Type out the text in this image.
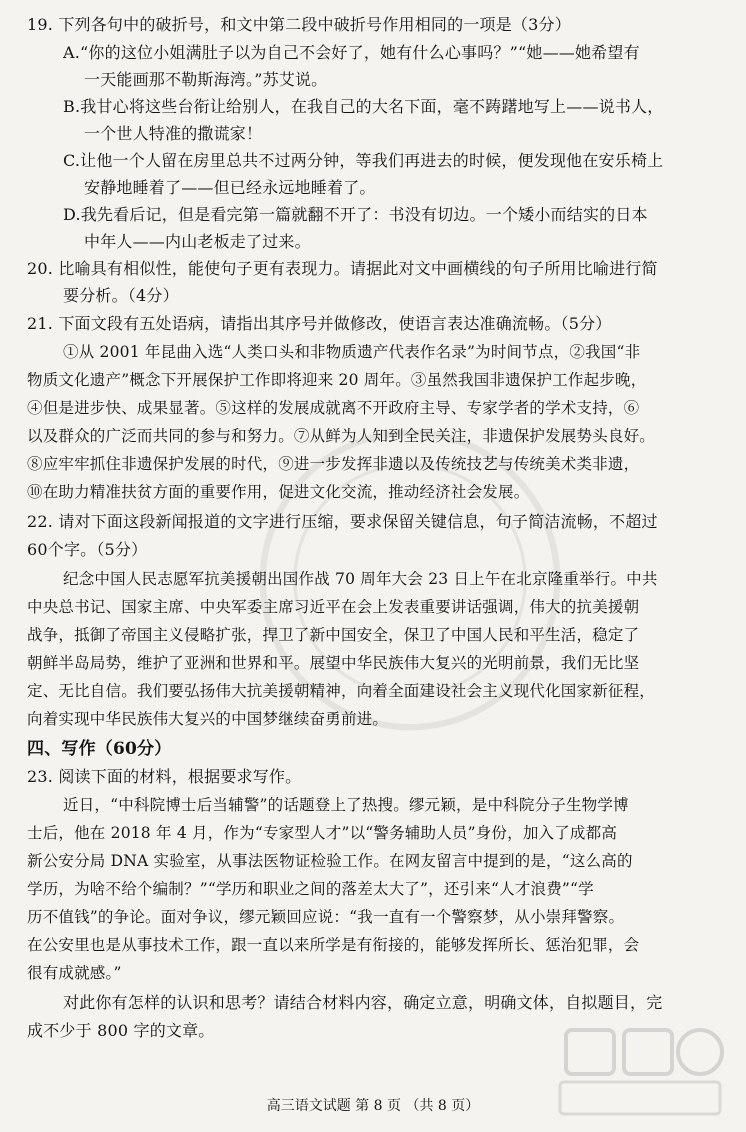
19. 下列各句中的破折号，和文中第二段中破折号作用相同的一项是（3分）
A.“你的这位小姐满肚子以为自己不会好了，她有什么心事吗？”“她——她希望有
一天能画那不勒斯海湾。”苏艾说。
B.我甘心将这些台衔让给别人，在我自己的大名下面，毫不踌躇地写上——说书人，
一个世人特准的撒谎家！
C.让他一个人留在房里总共不过两分钟，等我们再进去的时候，便发现他在安乐椅上
安静地睡着了——但已经永远地睡着了。
D.我先看后记，但是看完第一篇就翻不开了：书没有切边。一个矮小而结实的日本
中年人——内山老板走了过来。
20. 比喻具有相似性，能使句子更有表现力。请据此对文中画横线的句子所用比喻进行简
要分析。（4分）
21. 下面文段有五处语病，请指出其序号并做修改，使语言表达准确流畅。（5分）
①从 2001 年昆曲入选“人类口头和非物质遗产代表作名录”为时间节点，②我国“非
物质文化遗产”概念下开展保护工作即将迎来 20 周年。③虽然我国非遗保护工作起步晚，
④但是进步快、成果显著。⑤这样的发展成就离不开政府主导、专家学者的学术支持，⑥
以及群众的广泛而共同的参与和努力。⑦从鲜为人知到全民关注，非遗保护发展势头良好。
⑧应牢牢抓住非遗保护发展的时代，⑨进一步发挥非遗以及传统技艺与传统美术类非遗，
⑩在助力精准扶贫方面的重要作用，促进文化交流，推动经济社会发展。
22. 请对下面这段新闻报道的文字进行压缩，要求保留关键信息，句子简洁流畅，不超过
60个字。（5分）
纪念中国人民志愿军抗美援朝出国作战 70 周年大会 23 日上午在北京隆重举行。中共
中央总书记、国家主席、中央军委主席习近平在会上发表重要讲话强调，伟大的抗美援朝
战争，抵御了帝国主义侵略扩张，捍卫了新中国安全，保卫了中国人民和平生活，稳定了
朝鲜半岛局势，维护了亚洲和世界和平。展望中华民族伟大复兴的光明前景，我们无比坚
定、无比自信。我们要弘扬伟大抗美援朝精神，向着全面建设社会主义现代化国家新征程，
向着实现中华民族伟大复兴的中国梦继续奋勇前进。
四、写作（60分）
23. 阅读下面的材料，根据要求写作。
近日，“中科院博士后当辅警”的话题登上了热搜。缪元颖，是中科院分子生物学博
士后，他在 2018 年 4 月，作为“专家型人才”以“警务辅助人员”身份，加入了成都高
新公安分局 DNA 实验室，从事法医物证检验工作。在网友留言中提到的是，“这么高的
学历，为啥不给个编制？”“学历和职业之间的落差太大了”，还引来“人才浪费”“学
历不值钱”的争论。面对争议，缪元颖回应说：“我一直有一个警察梦，从小崇拜警察。
在公安里也是从事技术工作，跟一直以来所学是有衔接的，能够发挥所长、惩治犯罪，会
很有成就感。”
对此你有怎样的认识和思考？请结合材料内容，确定立意，明确文体，自拟题目，完
成不少于 800 字的文章。
高三语文试题 第 8 页 （共 8 页）
